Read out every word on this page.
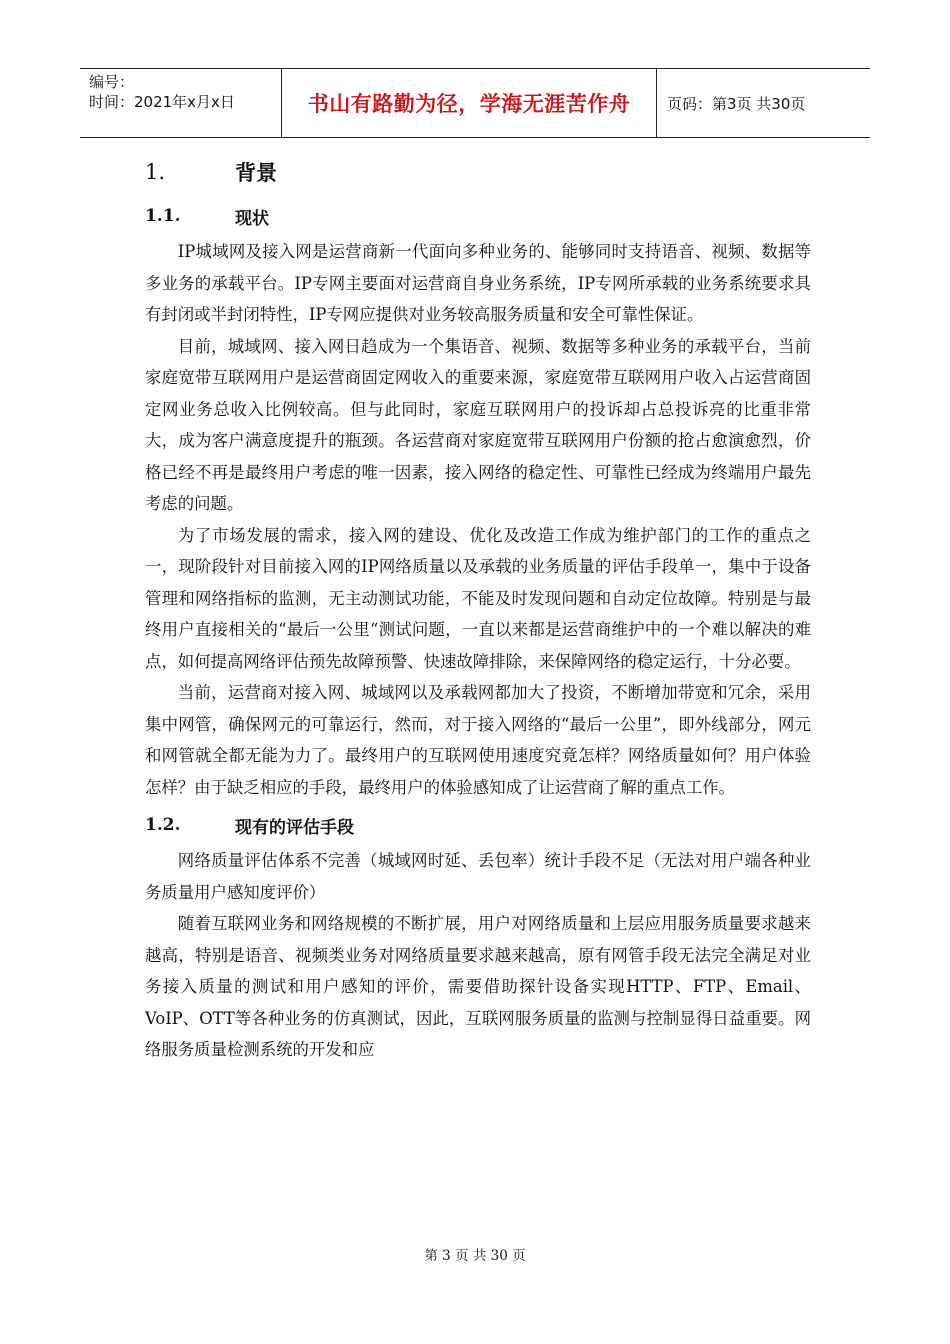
编号：
时间：2021年x月x日	书山有路勤为径，学海无涯苦作舟	页码：第3页 共30页
1.	背景
1.1.	现状

IP城域网及接入网是运营商新一代面向多种业务的、能够同时支持语音、视频、数据等多业务的承载平台。IP专网主要面对运营商自身业务系统，IP专网所承载的业务系统要求具有封闭或半封闭特性，IP专网应提供对业务较高服务质量和安全可靠性保证。

目前，城域网、接入网日趋成为一个集语音、视频、数据等多种业务的承载平台，当前家庭宽带互联网用户是运营商固定网收入的重要来源，家庭宽带互联网用户收入占运营商固定网业务总收入比例较高。但与此同时，家庭互联网用户的投诉却占总投诉亮的比重非常大，成为客户满意度提升的瓶颈。各运营商对家庭宽带互联网用户份额的抢占愈演愈烈，价格已经不再是最终用户考虑的唯一因素，接入网络的稳定性、可靠性已经成为终端用户最先考虑的问题。

为了市场发展的需求，接入网的建设、优化及改造工作成为维护部门的工作的重点之一，现阶段针对目前接入网的IP网络质量以及承载的业务质量的评估手段单一，集中于设备管理和网络指标的监测，无主动测试功能，不能及时发现问题和自动定位故障。特别是与最终用户直接相关的“最后一公里“测试问题，一直以来都是运营商维护中的一个难以解决的难点，如何提高网络评估预先故障预警、快速故障排除，来保障网络的稳定运行，十分必要。

当前，运营商对接入网、城域网以及承载网都加大了投资，不断增加带宽和冗余，采用集中网管，确保网元的可靠运行，然而，对于接入网络的“最后一公里”，即外线部分，网元和网管就全都无能为力了。最终用户的互联网使用速度究竟怎样？网络质量如何？用户体验怎样？由于缺乏相应的手段，最终用户的体验感知成了让运营商了解的重点工作。

1.2.	现有的评估手段

网络质量评估体系不完善（城域网时延、丢包率）统计手段不足（无法对用户端各种业务质量用户感知度评价）

随着互联网业务和网络规模的不断扩展，用户对网络质量和上层应用服务质量要求越来越高，特别是语音、视频类业务对网络质量要求越来越高，原有网管手段无法完全满足对业务接入质量的测试和用户感知的评价，需要借助探针设备实现HTTP、FTP、Email、VoIP、OTT等各种业务的仿真测试，因此，互联网服务质量的监测与控制显得日益重要。网络服务质量检测系统的开发和应

第 3 页 共 30 页
